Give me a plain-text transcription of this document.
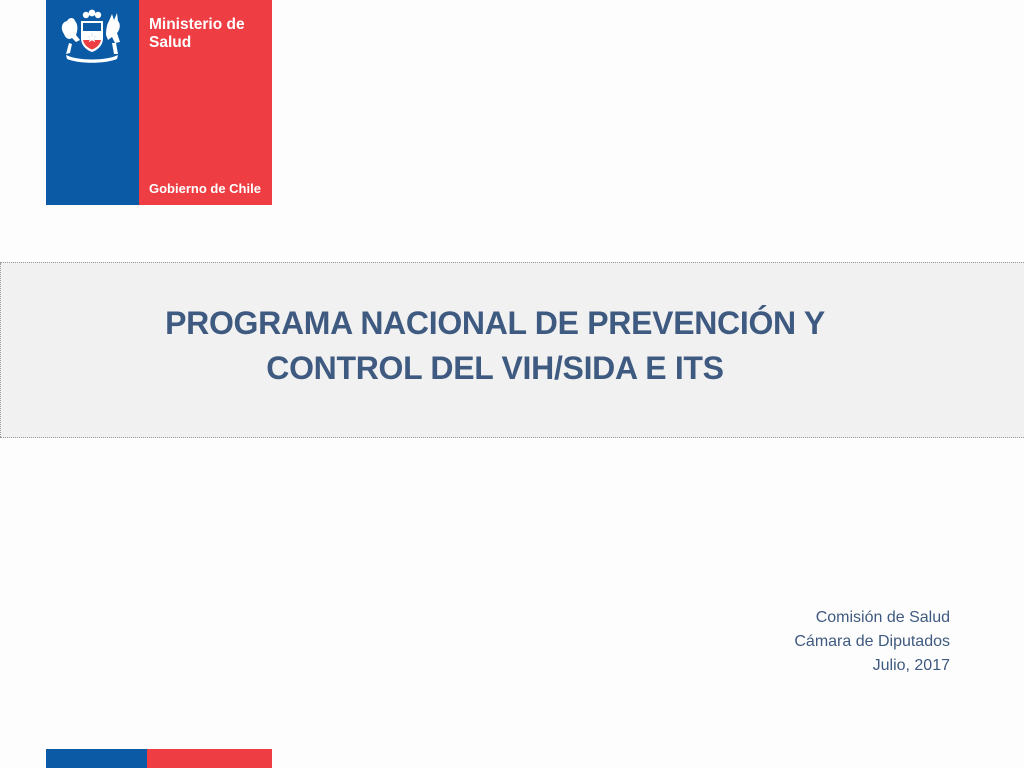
Ministerio de
Salud
Gobierno de Chile
PROGRAMA NACIONAL DE PREVENCIÓN Y
CONTROL DEL VIH/SIDA E ITS
Comisión de Salud
Cámara de Diputados
Julio, 2017
